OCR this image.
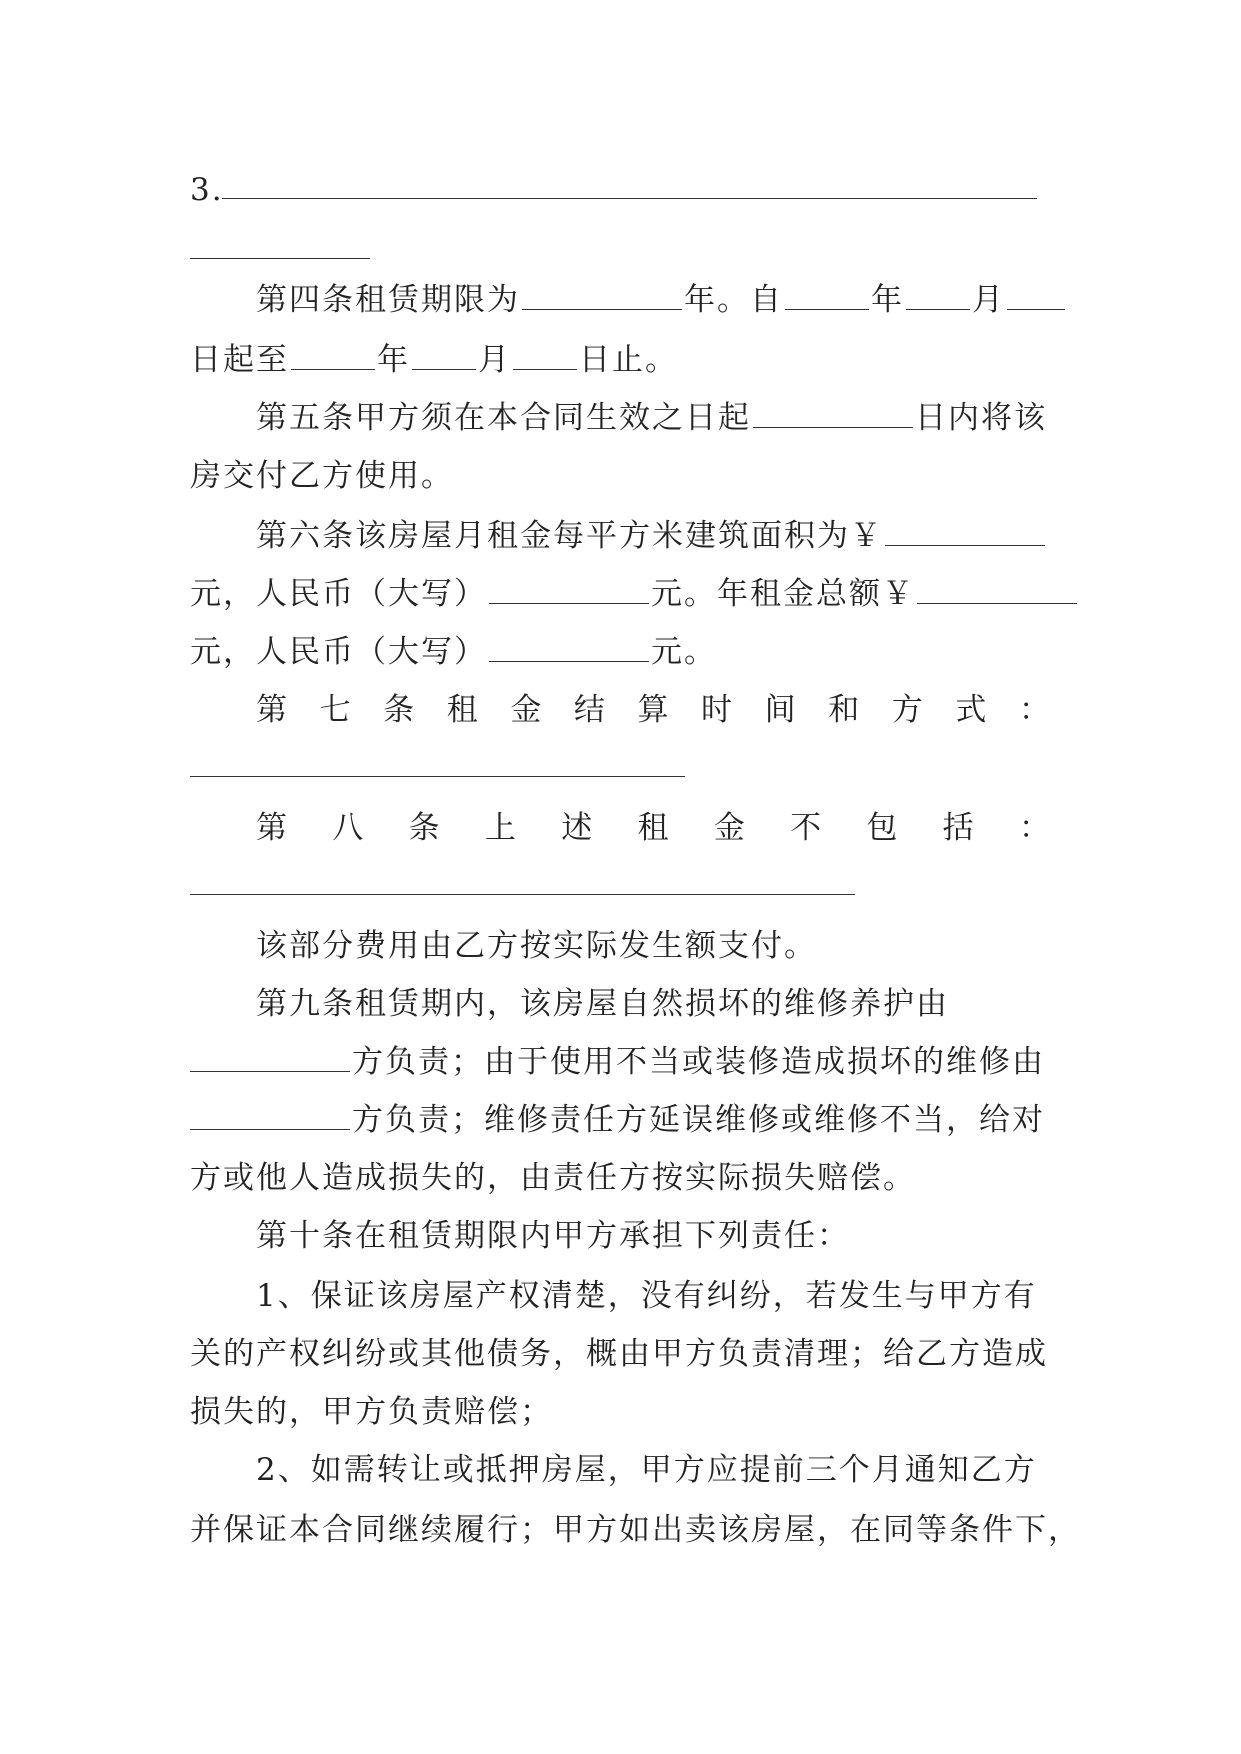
3.
第四条租赁期限为	年。自	年 月
日起至	年 月 日止。
第五条甲方须在本合同生效之日起	日内将该
房交付乙方使用。
第六条该房屋月租金每平方米建筑面积为￥
元，人民币（大写）	元。年租金总额￥
元，人民币（大写）	元。
第 七 条 租 金 结 算 时 间 和 方 式 ：
第 八 条 上 述 租 金 不 包 括 ：
该部分费用由乙方按实际发生额支付。
第九条租赁期内，该房屋自然损坏的维修养护由
方负责；由于使用不当或装修造成损坏的维修由
方负责；维修责任方延误维修或维修不当，给对
方或他人造成损失的，由责任方按实际损失赔偿。
第十条在租赁期限内甲方承担下列责任：
1、保证该房屋产权清楚，没有纠纷，若发生与甲方有
关的产权纠纷或其他债务，概由甲方负责清理；给乙方造成
损失的，甲方负责赔偿；
2、如需转让或抵押房屋，甲方应提前三个月通知乙方
并保证本合同继续履行；甲方如出卖该房屋，在同等条件下，
